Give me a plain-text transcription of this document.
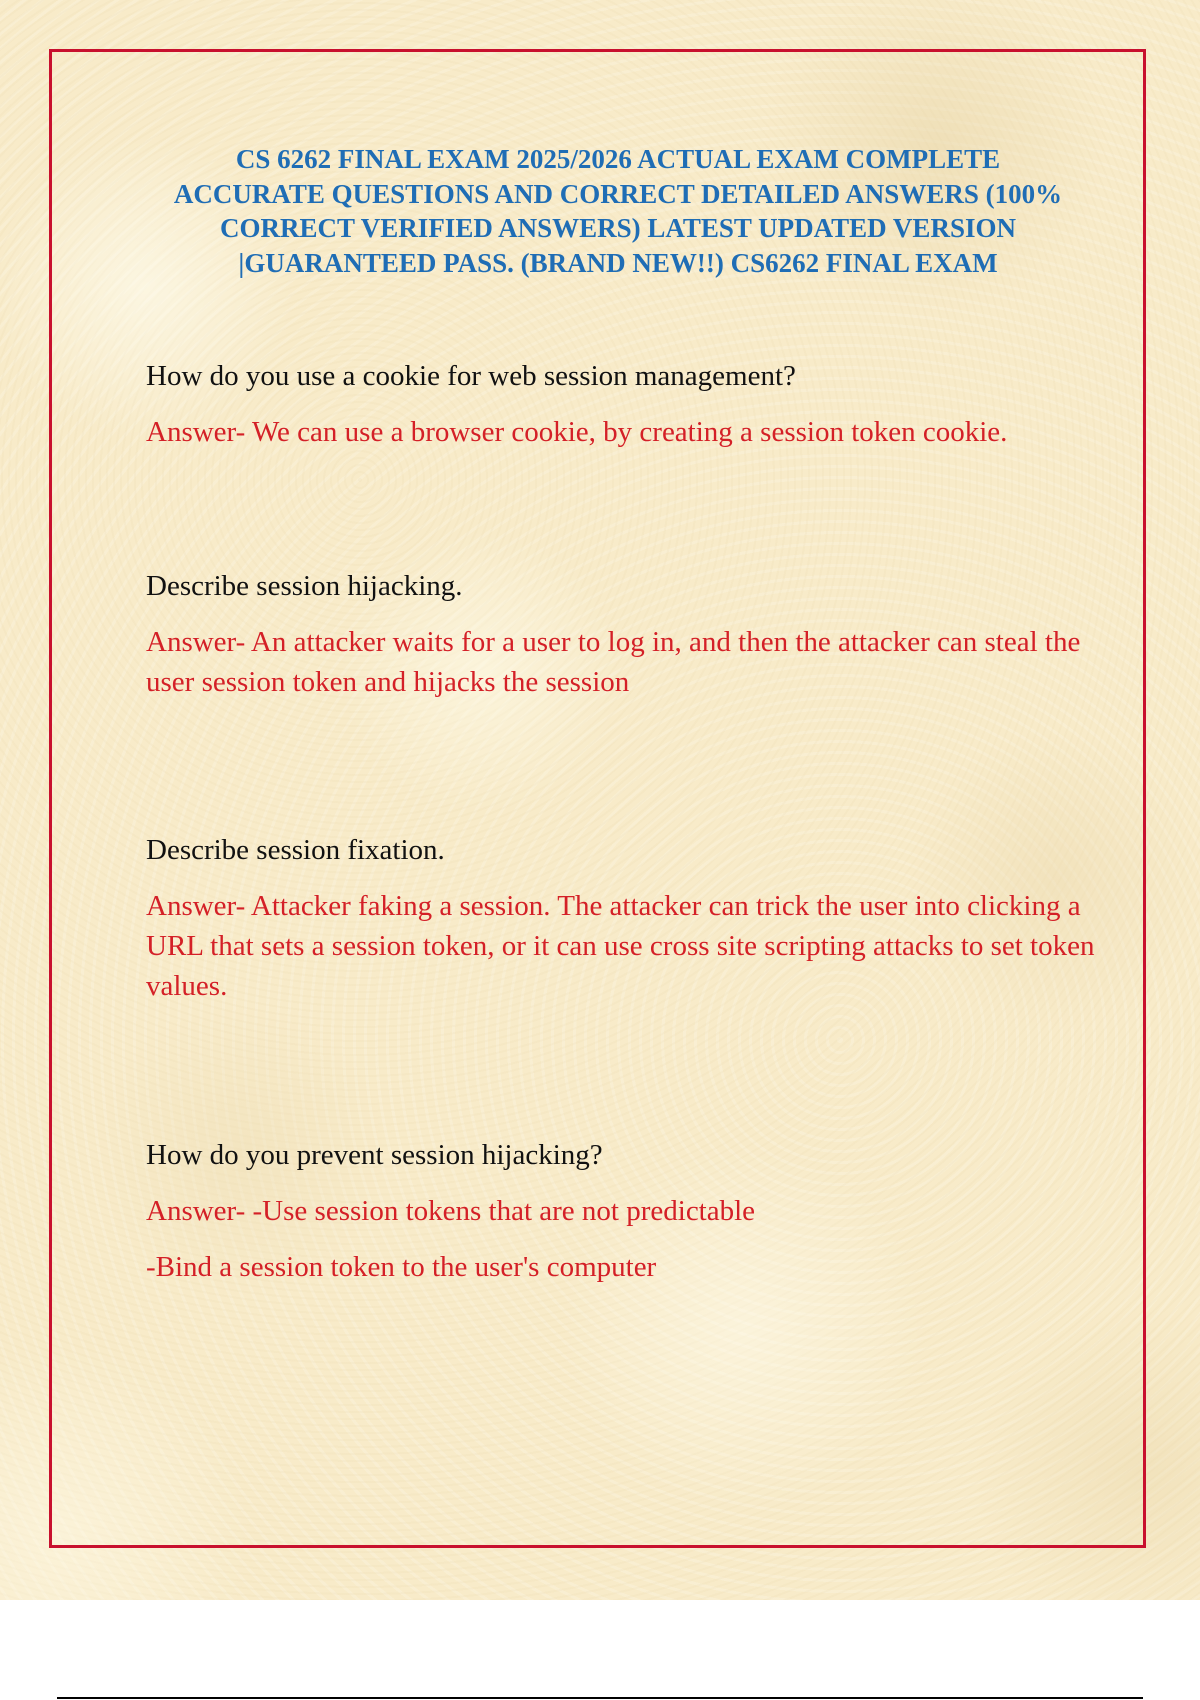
CS 6262 FINAL EXAM 2025/2026 ACTUAL EXAM COMPLETE
ACCURATE QUESTIONS AND CORRECT DETAILED ANSWERS (100%
CORRECT VERIFIED ANSWERS) LATEST UPDATED VERSION
|GUARANTEED PASS. (BRAND NEW!!) CS6262 FINAL EXAM

How do you use a cookie for web session management?

Answer- We can use a browser cookie, by creating a session token cookie.

Describe session hijacking.

Answer- An attacker waits for a user to log in, and then the attacker can steal the user session token and hijacks the session

Describe session fixation.

Answer- Attacker faking a session. The attacker can trick the user into clicking a URL that sets a session token, or it can use cross site scripting attacks to set token values.

How do you prevent session hijacking?

Answer- -Use session tokens that are not predictable

-Bind a session token to the user's computer
